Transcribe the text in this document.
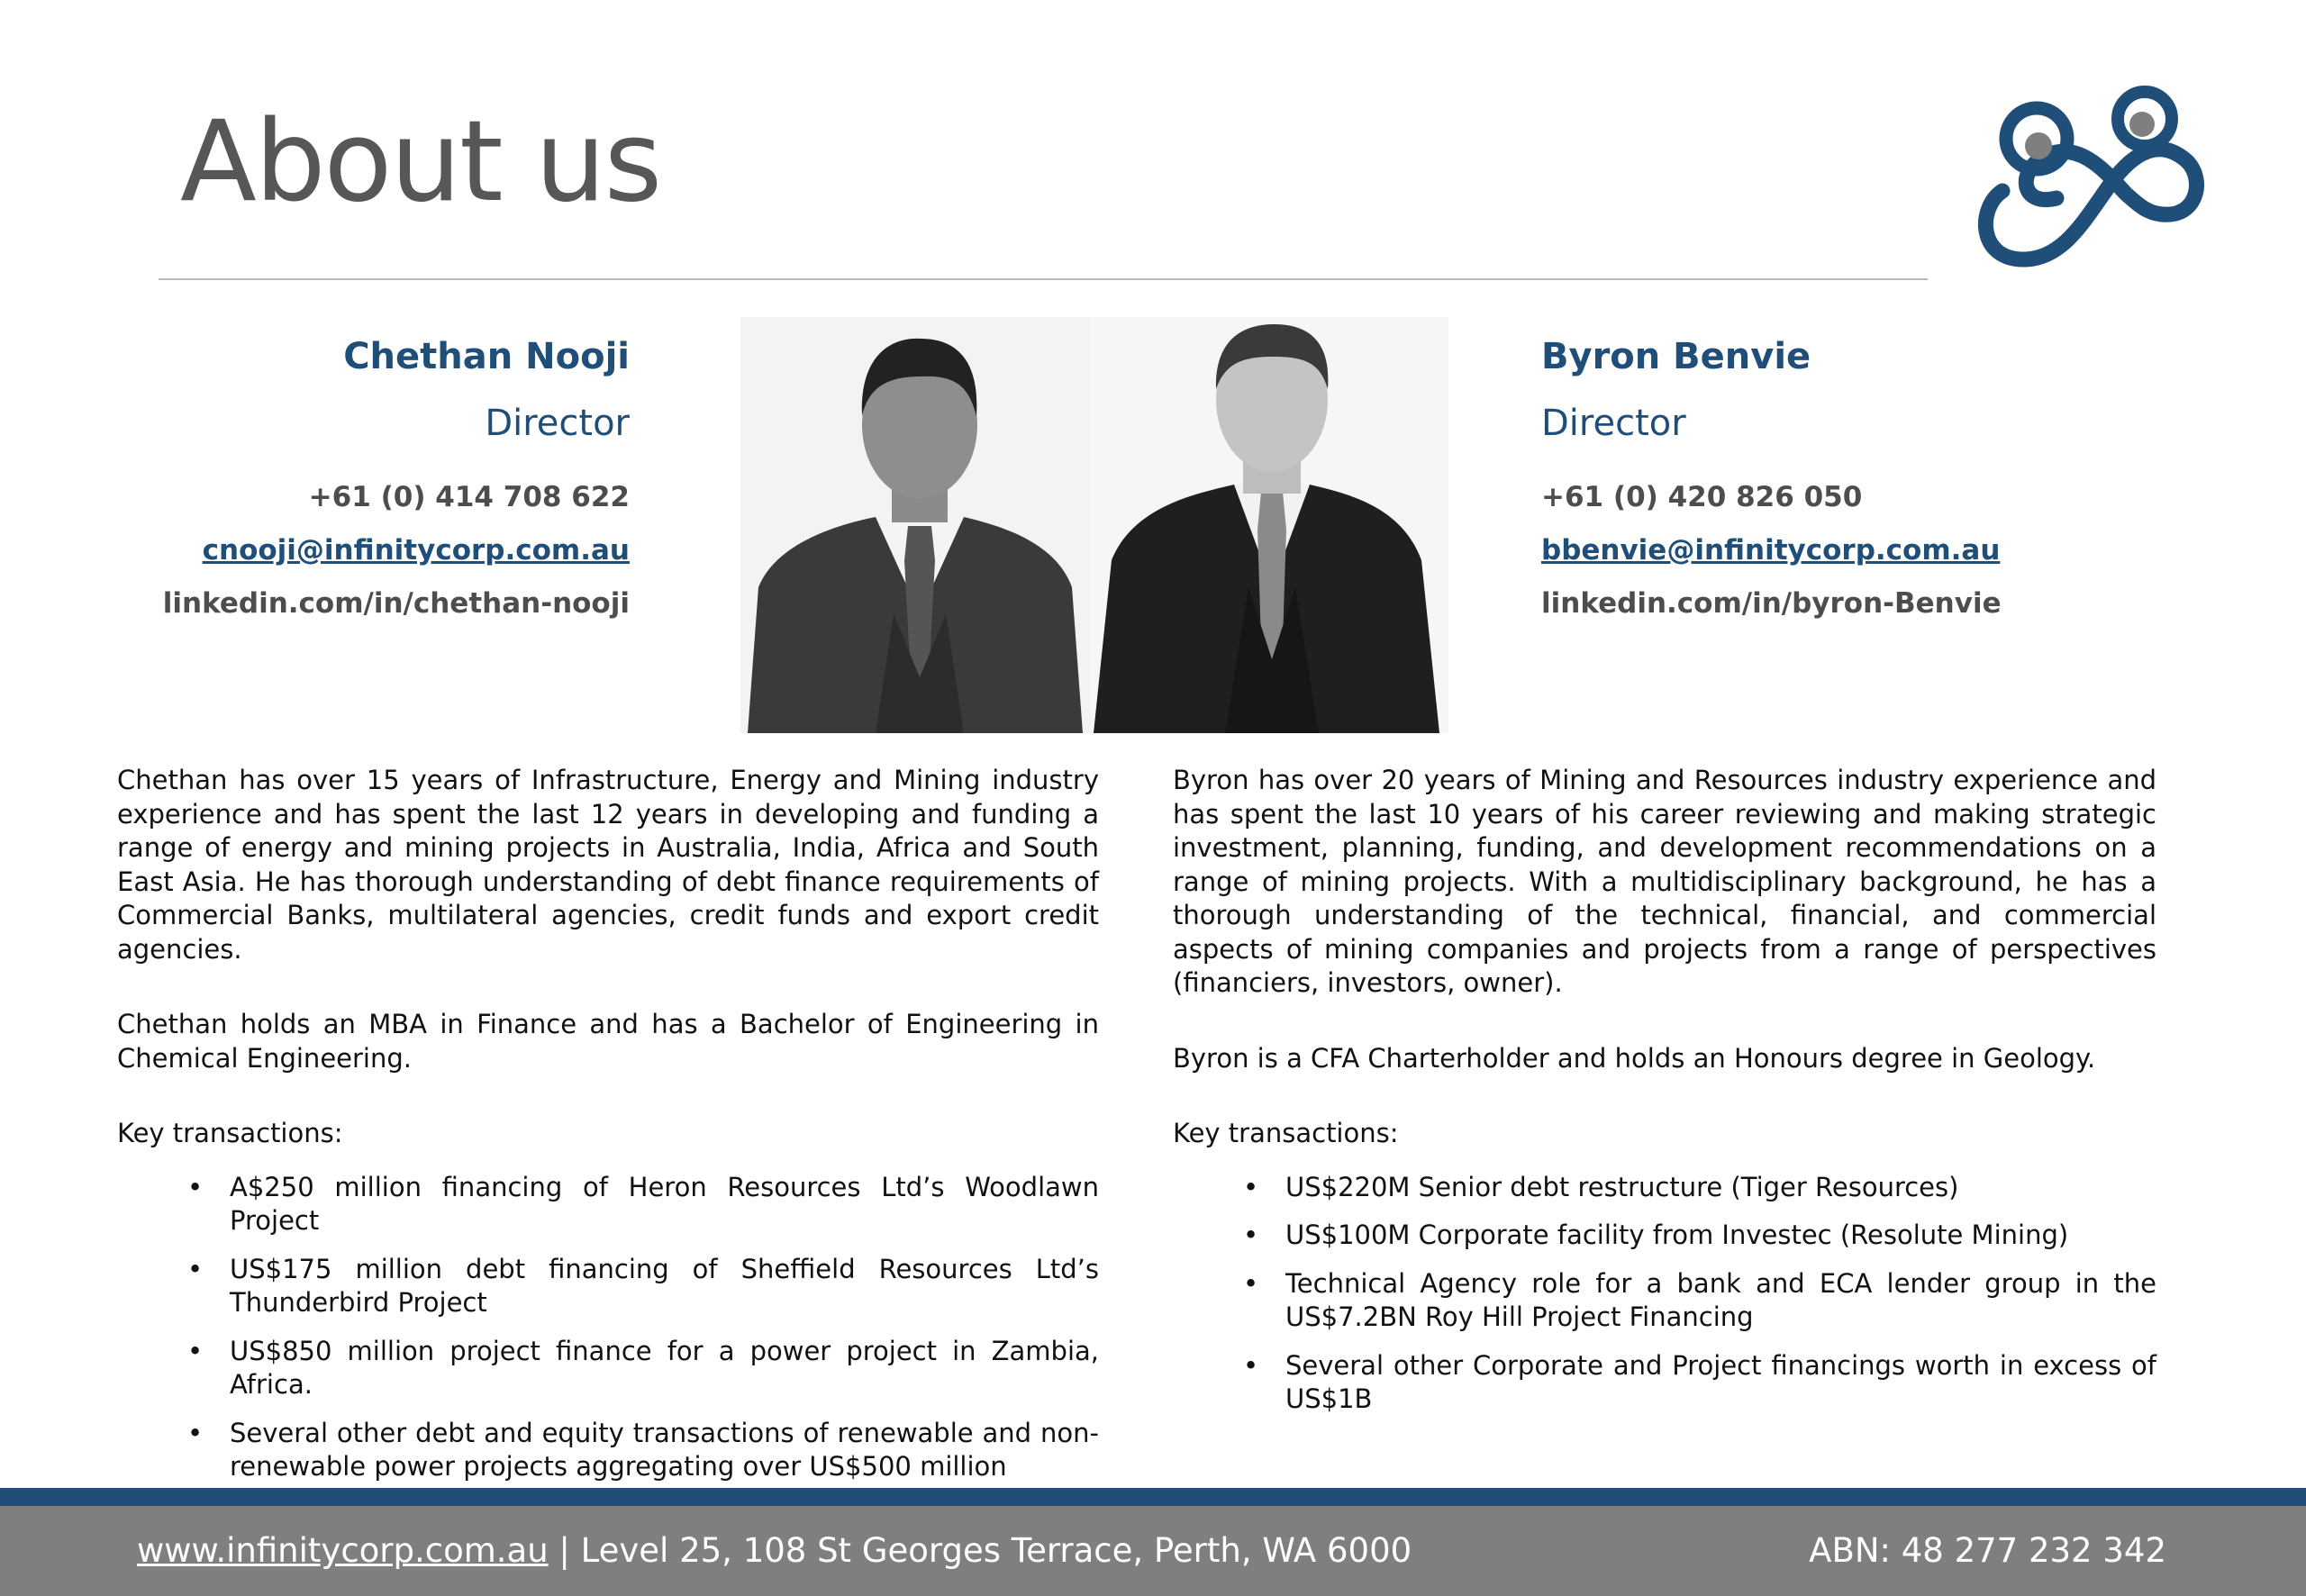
About us
Chethan Nooji
Director
+61 (0) 414 708 622
cnooji@infinitycorp.com.au
linkedin.com/in/chethan-nooji
Byron Benvie
Director
+61 (0) 420 826 050
bbenvie@infinitycorp.com.au
linkedin.com/in/byron-Benvie

Chethan has over 15 years of Infrastructure, Energy and Mining industry experience and has spent the last 12 years in developing and funding a range of energy and mining projects in Australia, India, Africa and South East Asia. He has thorough understanding of debt finance requirements of Commercial Banks, multilateral agencies, credit funds and export credit agencies.

Chethan holds an MBA in Finance and has a Bachelor of Engineering in Chemical Engineering.

Key transactions:

• A$250 million financing of Heron Resources Ltd’s Woodlawn Project
• US$175 million debt financing of Sheffield Resources Ltd’s Thunderbird Project
• US$850 million project finance for a power project in Zambia, Africa.
• Several other debt and equity transactions of renewable and non-renewable power projects aggregating over US$500 million

Byron has over 20 years of Mining and Resources industry experience and has spent the last 10 years of his career reviewing and making strategic investment, planning, funding, and development recommendations on a range of mining projects. With a multidisciplinary background, he has a thorough understanding of the technical, financial, and commercial aspects of mining companies and projects from a range of perspectives (financiers, investors, owner).

Byron is a CFA Charterholder and holds an Honours degree in Geology.

Key transactions:

• US$220M Senior debt restructure (Tiger Resources)
• US$100M Corporate facility from Investec (Resolute Mining)
• Technical Agency role for a bank and ECA lender group in the US$7.2BN Roy Hill Project Financing
• Several other Corporate and Project financings worth in excess of US$1B
www.infinitycorp.com.au | Level 25, 108 St Georges Terrace, Perth, WA 6000	ABN: 48 277 232 342
